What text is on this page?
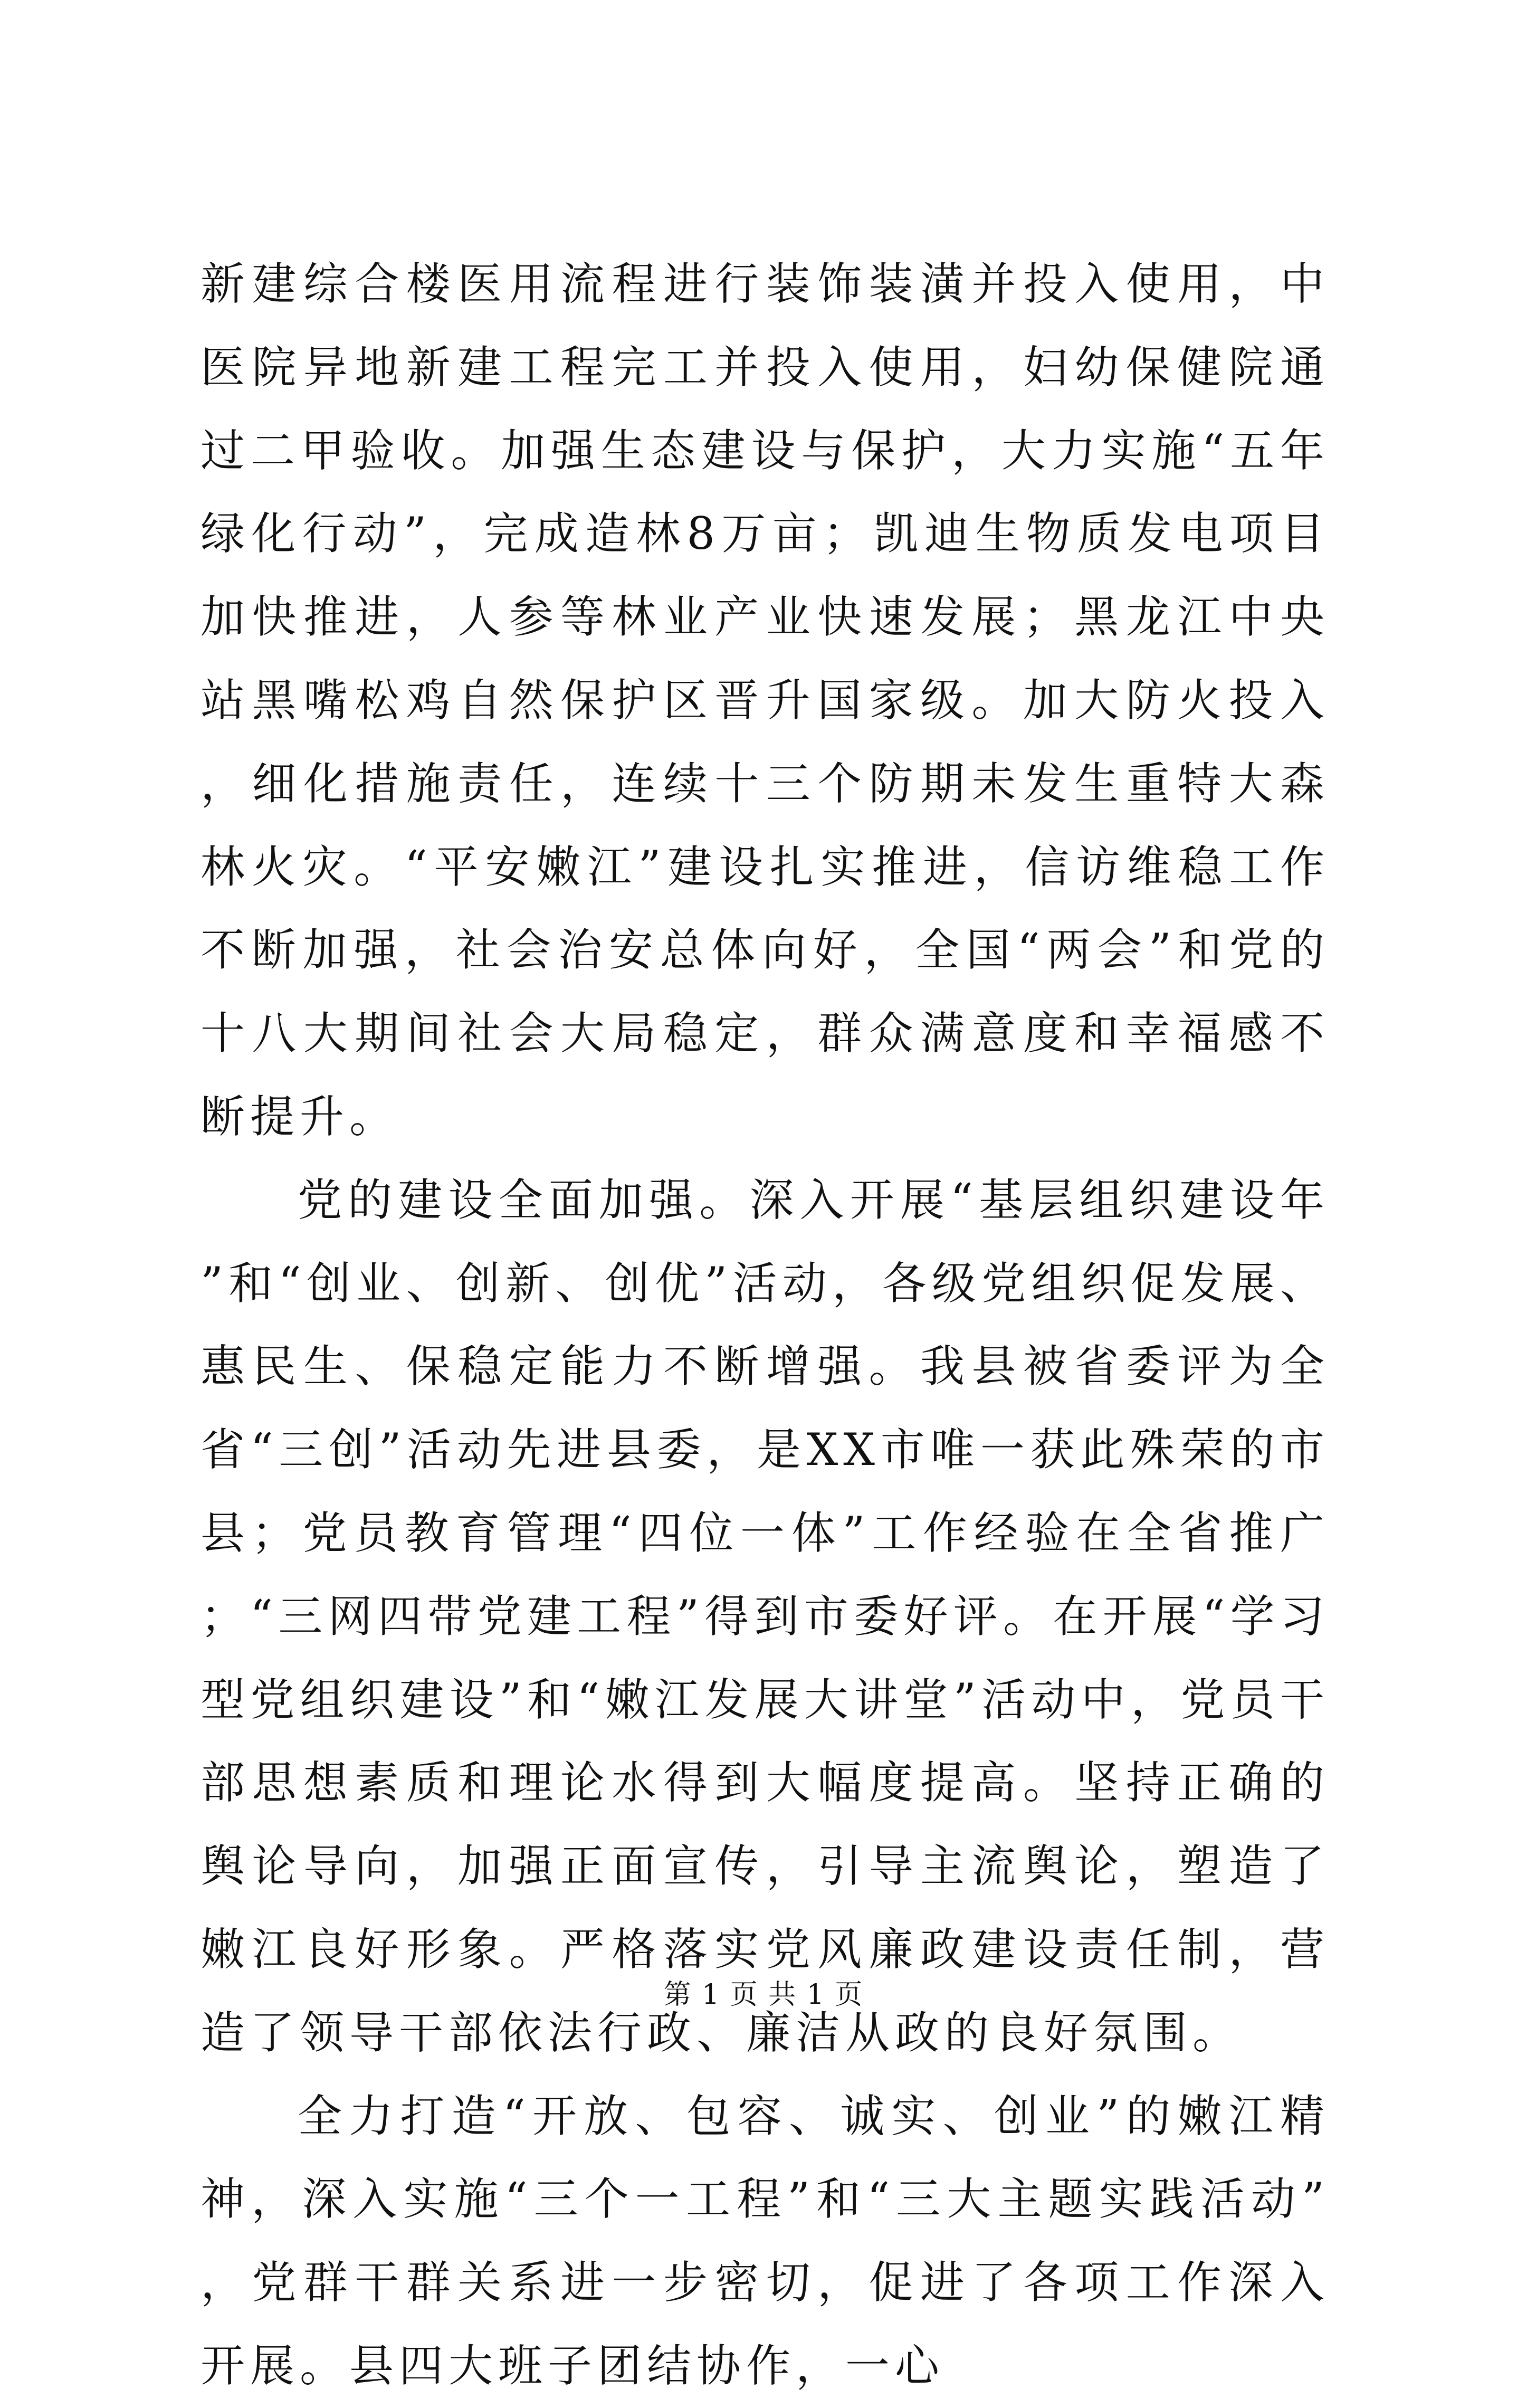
新建综合楼医用流程进行装饰装潢并投入使用，中医院异地新建工程完工并投入使用，妇幼保健院通过二甲验收。加强生态建设与保护，大力实施“五年绿化行动”，完成造林8万亩；凯迪生物质发电项目加快推进，人参等林业产业快速发展；黑龙江中央站黑嘴松鸡自然保护区晋升国家级。加大防火投入，细化措施责任，连续十三个防期未发生重特大森林火灾。“平安嫩江”建设扎实推进，信访维稳工作不断加强，社会治安总体向好，全国“两会”和党的十八大期间社会大局稳定，群众满意度和幸福感不断提升。

党的建设全面加强。深入开展“基层组织建设年”和“创业、创新、创优”活动，各级党组织促发展、惠民生、保稳定能力不断增强。我县被省委评为全省“三创”活动先进县委，是XX市唯一获此殊荣的市县；党员教育管理“四位一体”工作经验在全省推广；“三网四带党建工程”得到市委好评。在开展“学习型党组织建设”和“嫩江发展大讲堂”活动中，党员干部思想素质和理论水得到大幅度提高。坚持正确的舆论导向，加强正面宣传，引导主流舆论，塑造了嫩江良好形象。严格落实党风廉政建设责任制，营造了领导干部依法行政、廉洁从政的良好氛围。

全力打造“开放、包容、诚实、创业”的嫩江精神，深入实施“三个一工程”和“三大主题实践活动”，党群干群关系进一步密切，促进了各项工作深入开展。县四大班子团结协作，一心

第 1 页 共 1 页
